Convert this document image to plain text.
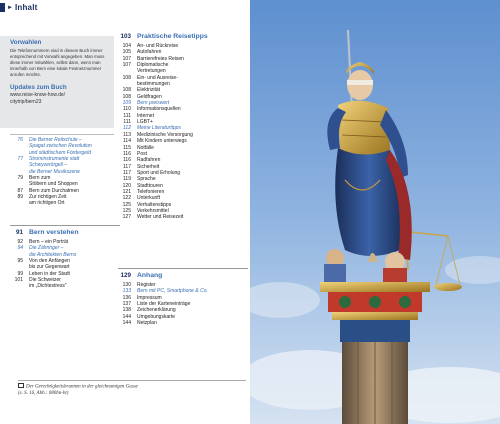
► Inhalt
Vorwahlen
Die Telefonnummern sind in diesem Buch immer entsprechend mit Vorwahl angegeben. Man muss diese immer mitwählen, selbst dann, wenn man innerhalb von Bern eine lokale Festnetznummer anrufen möchte.
Updates zum Buch
www.reise-know-how.de/
citytrip/bern23
76	Die Berner Reitschule –
Spagat zwischen Revolution
und städtischem Fördergeld
77	Strominstrumente statt
Schwyzerörgeli –
die Berner Musikszene
79	Bern zum
Stöbern und Shoppen
87	Bern zum Durchatmen
89	Zur richtigen Zeit
am richtigen Ort
91 Bern verstehen
92	Bern – ein Porträt
94	Die Zähringer –
die Architekten Berns
95	Von den Anfängen
bis zur Gegenwart
99	Leben in der Stadt
101	Die Schweizer
im „Dichtestress“
103 Praktische Reisetipps
104	An- und Rückreise
105	Autofahren
107	Barrierefreies Reisen
107	Diplomatische
Vertretungen
108	Ein- und Ausreise-
bestimmungen
108	Elektrizität
108	Geldfragen
109	Bern preiswert
110	Informationsquellen
111	Internet
111	LGBT+
112	Meine Literaturtipps
113	Medizinische Versorgung
114	Mit Kindern unterwegs
115	Notfälle
116	Post
116	Radfahren
117	Sicherheit
117	Sport und Erholung
119	Sprache
120	Stadttouren
121	Telefonieren
122	Unterkunft
125	Verhaltenstipps
125	Verkehrsmittel
127	Wetter und Reisezeit
129 Anhang
130	Register
133	Bern mit PC, Smartphone & Co.
136	Impressum
137	Liste der Karteneinträge
138	Zeichenerklärung
144	Umgebungskarte
144	Netzplan
Der Gerechtigkeitsbrunnen in der gleichnamigen Gasse
(s. S. 16, Abb.: 080bn-bt)
